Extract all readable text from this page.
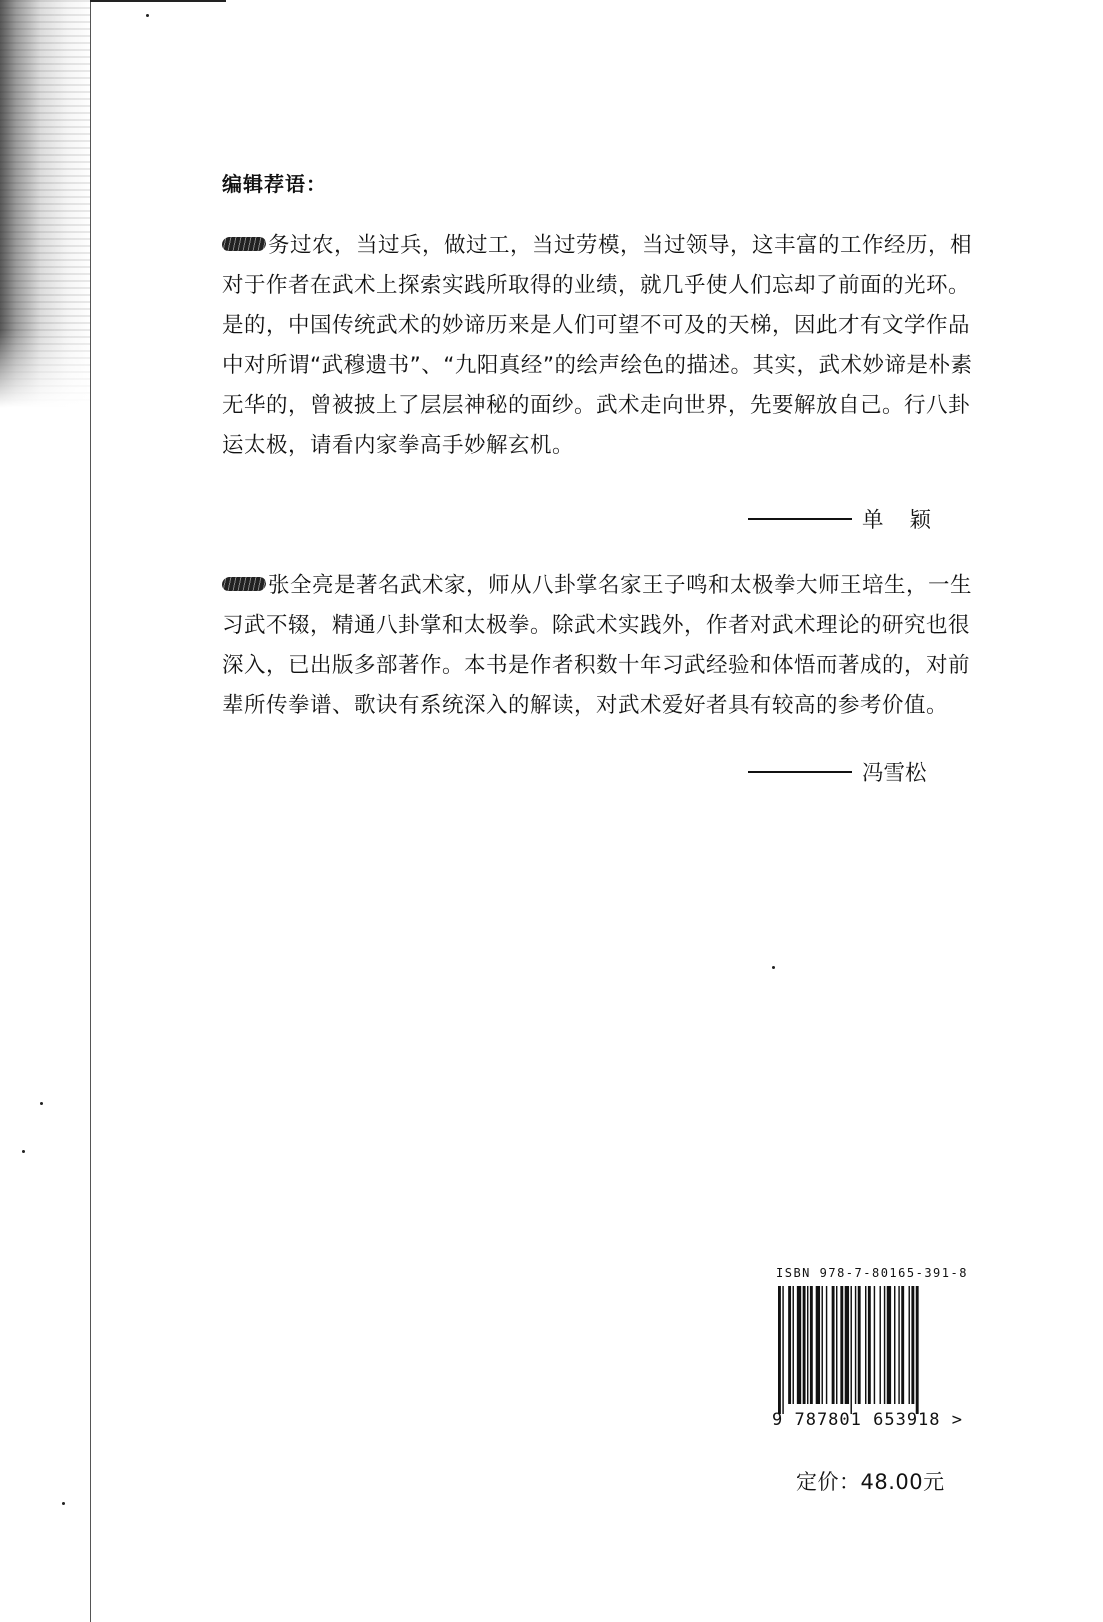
编辑荐语：
务过农，当过兵，做过工，当过劳模，当过领导，这丰富的工作经历，相
对于作者在武术上探索实践所取得的业绩，就几乎使人们忘却了前面的光环。
是的，中国传统武术的妙谛历来是人们可望不可及的天梯，因此才有文学作品
中对所谓“武穆遗书”、“九阳真经”的绘声绘色的描述。其实，武术妙谛是朴素
无华的，曾被披上了层层神秘的面纱。武术走向世界，先要解放自己。行八卦
运太极，请看内家拳高手妙解玄机。
单颖
张全亮是著名武术家，师从八卦掌名家王子鸣和太极拳大师王培生，一生
习武不辍，精通八卦掌和太极拳。除武术实践外，作者对武术理论的研究也很
深入，已出版多部著作。本书是作者积数十年习武经验和体悟而著成的，对前
辈所传拳谱、歌诀有系统深入的解读，对武术爱好者具有较高的参考价值。
冯雪松
ISBN 978-7-80165-391-8
9 787801 653918 >
定价：48.00元
